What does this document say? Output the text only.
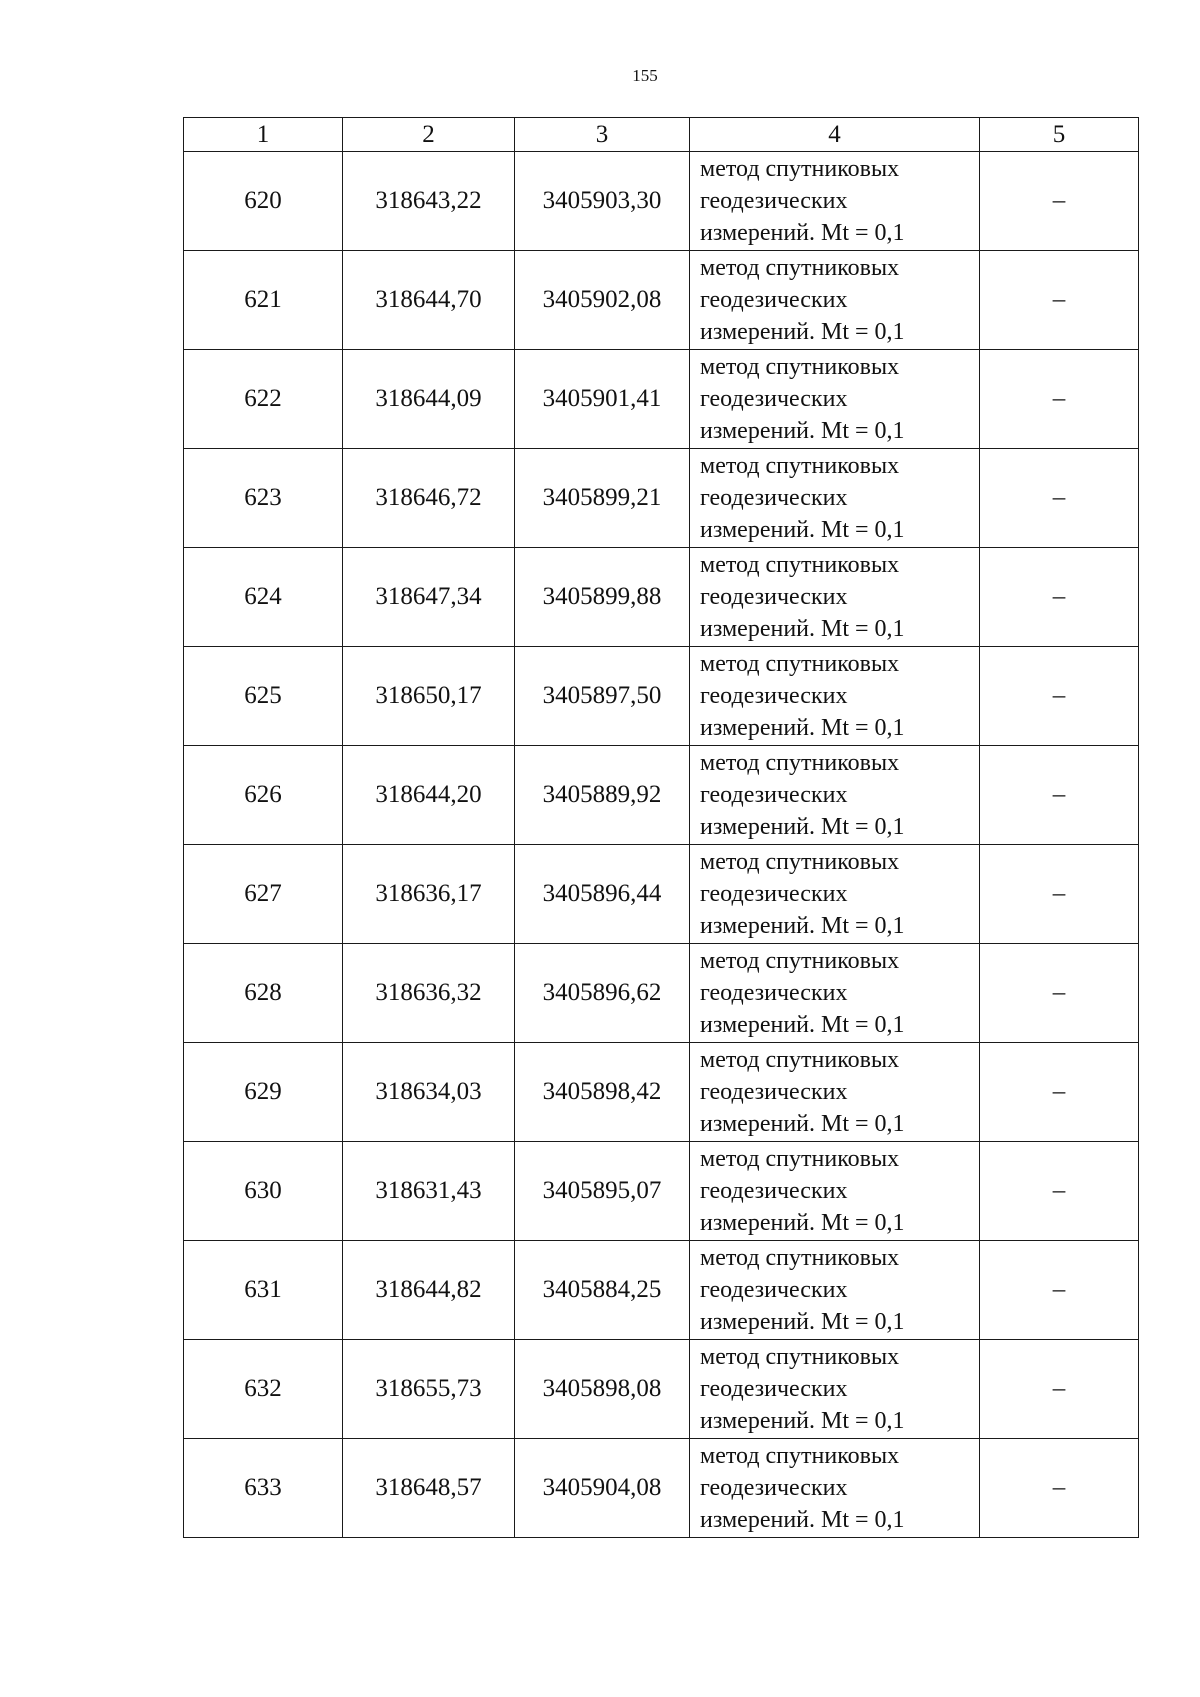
155
1	2	3	4	5
620	318643,22	3405903,30	метод спутниковых
геодезических
измерений. Mt = 0,1	–
621	318644,70	3405902,08	метод спутниковых
геодезических
измерений. Mt = 0,1	–
622	318644,09	3405901,41	метод спутниковых
геодезических
измерений. Mt = 0,1	–
623	318646,72	3405899,21	метод спутниковых
геодезических
измерений. Mt = 0,1	–
624	318647,34	3405899,88	метод спутниковых
геодезических
измерений. Mt = 0,1	–
625	318650,17	3405897,50	метод спутниковых
геодезических
измерений. Mt = 0,1	–
626	318644,20	3405889,92	метод спутниковых
геодезических
измерений. Mt = 0,1	–
627	318636,17	3405896,44	метод спутниковых
геодезических
измерений. Mt = 0,1	–
628	318636,32	3405896,62	метод спутниковых
геодезических
измерений. Mt = 0,1	–
629	318634,03	3405898,42	метод спутниковых
геодезических
измерений. Mt = 0,1	–
630	318631,43	3405895,07	метод спутниковых
геодезических
измерений. Mt = 0,1	–
631	318644,82	3405884,25	метод спутниковых
геодезических
измерений. Mt = 0,1	–
632	318655,73	3405898,08	метод спутниковых
геодезических
измерений. Mt = 0,1	–
633	318648,57	3405904,08	метод спутниковых
геодезических
измерений. Mt = 0,1	–
